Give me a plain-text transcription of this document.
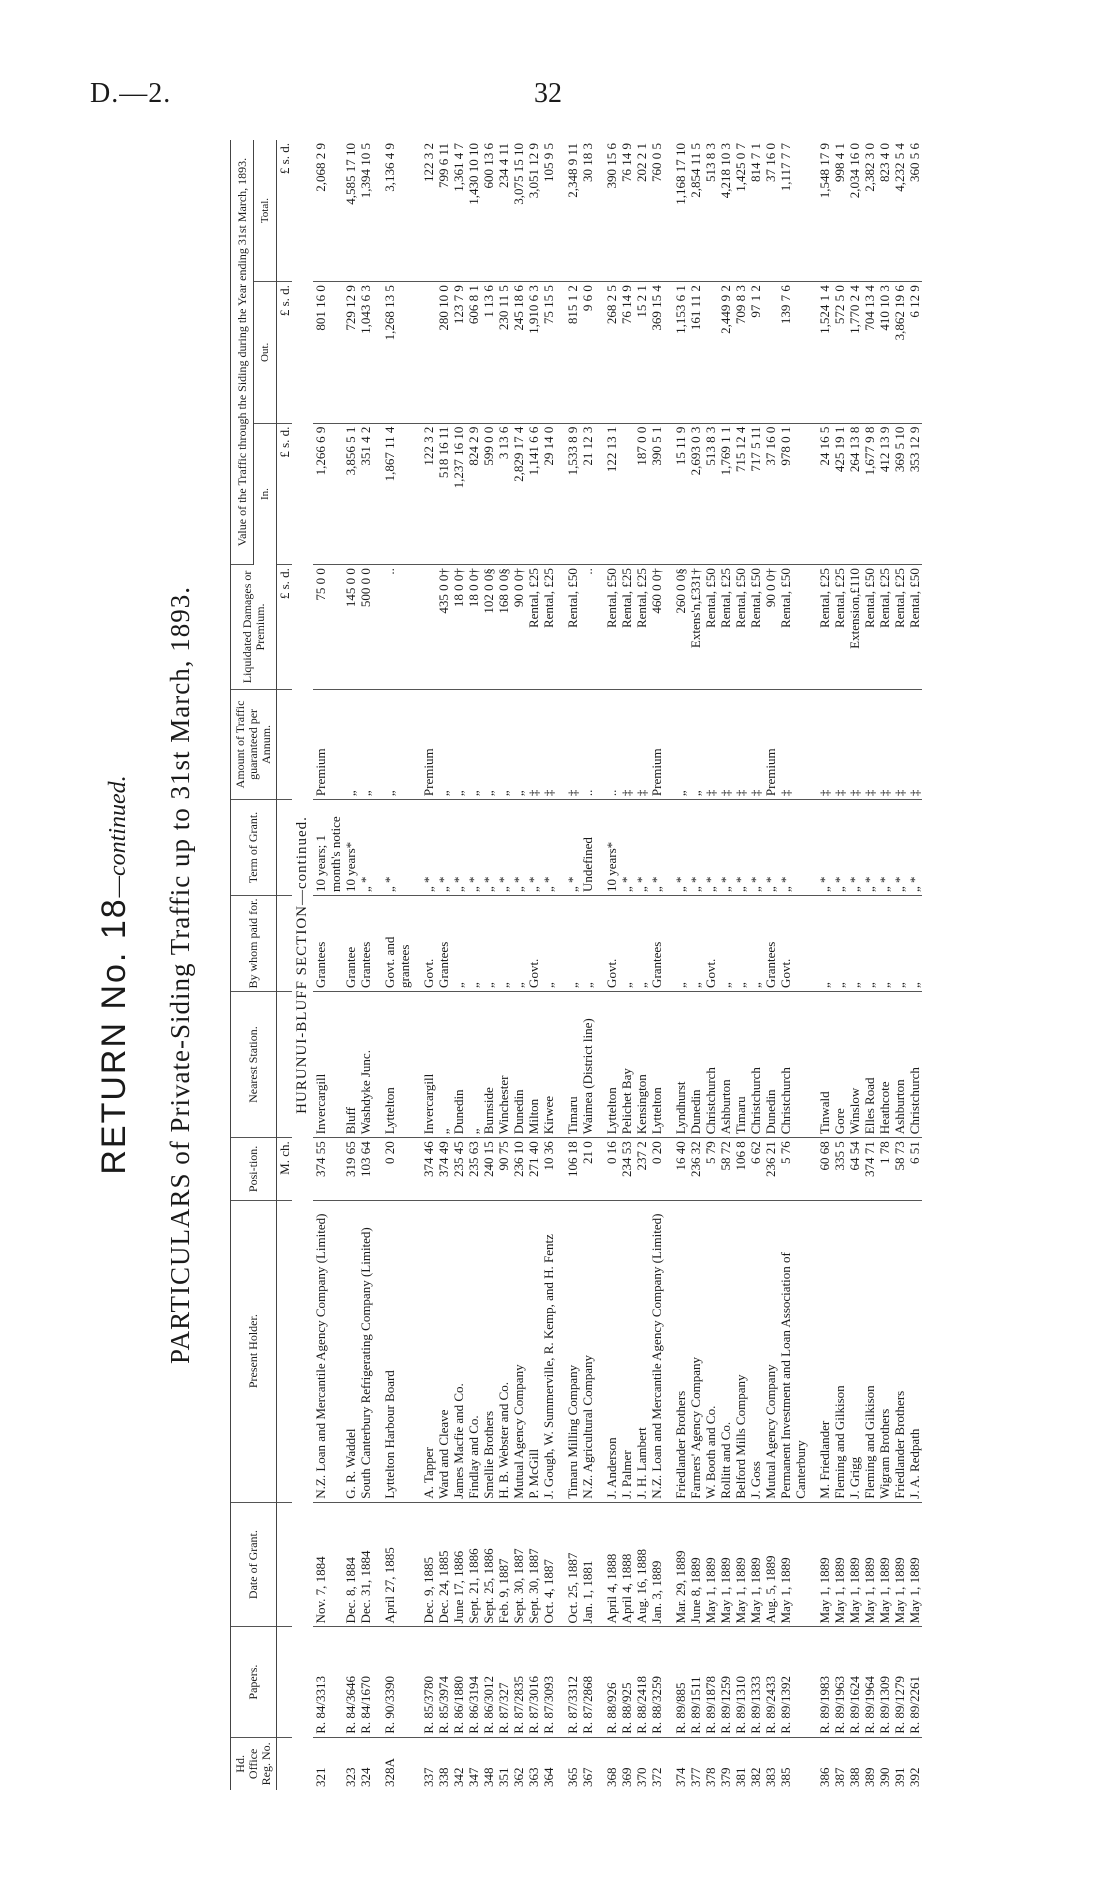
D.—2.	32
RETURN No. 18—continued. PARTICULARS of Private-Siding Traffic up to 31st March, 1893.
Hd. Office Reg. No.	Papers.	Date of Grant.	Present Holder.	Posi-tion.	Nearest Station.	By whom paid for.	Term of Grant.	Amount of Traffic guaranteed per Annum.	Liquidated Damages or Premium.	Value of the Traffic through the Siding during the Year ending 31st March, 1893.		
										In.	Out.	Total.
				M. ch.					£ s. d.	£ s. d.	£ s. d.	£ s. d.
HURUNUI-BLUFF SECTION—continued.												
321	R. 84/3313	Nov. 7, 1884	N.Z. Loan and Mercantile Agency Company (Limited)	374 55	Invercargill	Grantees	10 years; 1 month's notice	Premium	75 0 0	1,266 6 9	801 16 0	2,068 2 9
323	R. 84/3646	Dec. 8, 1884	G. R. Waddel	319 65	Bluff	Grantee	10 years*	„	145 0 0	3,856 5 1	729 12 9	4,585 17 10
324	R. 84/1670	Dec. 31, 1884	South Canterbury Refrigerating Company (Limited)	103 64	Washdyke Junc.	Grantees	„ *	„	500 0 0	351 4 2	1,043 6 3	1,394 10 5

328A	R. 90/3390	April 27, 1885	Lyttelton Harbour Board	0 20	Lyttelton	Govt. and grantees	„ *	„	..	1,867 11 4	1,268 13 5	3,136 4 9

337	R. 85/3780	Dec. 9, 1885	A. Tapper	374 46	Invercargill	Govt.	„ *	Premium		122 3 2		122 3 2
338	R. 85/3974	Dec. 24, 1885	Ward and Cleave	374 49	„	Grantees	„ *	„	435 0 0†	518 16 11	280 10 0	799 6 11
342	R. 86/1880	June 17, 1886	James Macfie and Co.	235 45	Dunedin	„	„ *	„	18 0 0†	1,237 16 10	123 7 9	1,361 4 7
347	R. 86/3194	Sept. 21, 1886	Findlay and Co.	235 63	„	„	„ *	„	18 0 0†	824 2 9	606 8 1	1,430 10 10
348	R. 86/3012	Sept. 25, 1886	Smellie Brothers	240 15	Burnside	„	„ *	„	102 0 0§	599 0 0	1 13 6	600 13 6
351	R. 87/327	Feb. 9, 1887	H. B. Webster and Co.	90 75	Winchester	„	„ *	„	168 0 0§	3 13 6	230 11 5	234 4 11
362	R. 87/2835	Sept. 30, 1887	Mutual Agency Company	236 10	Dunedin	„	„ *	„	90 0 0†	2,829 17 4	245 18 6	3,075 15 10
363	R. 87/3016	Sept. 30, 1887	P. McGill	271 40	Milton	Govt.	„ *	‡	Rental, £25	1,141 6 6	1,910 6 3	3,051 12 9
364	R. 87/3093	Oct. 4, 1887	J. Gough, W. Summerville, R. Kemp, and H. Fentz	10 36	Kirwee	„	„ *	‡	Rental, £25	29 14 0	75 15 5	105 9 5

365	R. 87/3312	Oct. 25, 1887	Timaru Milling Company	106 18	Timaru	„	„ *	‡	Rental, £50	1,533 8 9	815 1 2	2,348 9 11
367	R. 87/2868	Jan. 1, 1881	N.Z. Agricultural Company	21 0	Waimea (District line)	„	Undefined	..	..	21 12 3	9 6 0	30 18 3

368	R. 88/926	April 4, 1888	J. Anderson	0 16	Lyttelton	Govt.	10 years*	..	Rental, £50	122 13 1	268 2 5	390 15 6
369	R. 88/925	April 4, 1888	J. Palmer	234 53	Pelichet Bay	„	„ *	‡	Rental, £25		76 14 9	76 14 9
370	R. 88/2418	Aug. 16, 1888	J. H. Lambert	237 2	Kensington	„	„ *	‡	Rental, £25	187 0 0	15 2 1	202 2 1
372	R. 88/3259	Jan. 3, 1889	N.Z. Loan and Mercantile Agency Company (Limited)	0 20	Lyttelton	Grantees	„ *	Premium	460 0 0†	390 5 1	369 15 4	760 0 5

374	R. 89/885	Mar. 29, 1889	Friedlander Brothers	16 40	Lyndhurst	„	„ *	„	260 0 0§	15 11 9	1,153 6 1	1,168 17 10
377	R. 89/1511	June 8, 1889	Farmers' Agency Company	236 32	Dunedin	„	„ *	„	Extens'n,£331†	2,693 0 3	161 11 2	2,854 11 5
378	R. 89/1878	May 1, 1889	W. Booth and Co.	5 79	Christchurch	Govt.	„ *	‡	Rental, £50	513 8 3		513 8 3
379	R. 89/1259	May 1, 1889	Rollitt and Co.	58 72	Ashburton	„	„ *	‡	Rental, £25	1,769 1 1	2,449 9 2	4,218 10 3
381	R. 89/1310	May 1, 1889	Belford Mills Company	106 8	Timaru	„	„ *	‡	Rental, £50	715 12 4	709 8 3	1,425 0 7
382	R. 89/1333	May 1, 1889	J. Goss	6 62	Christchurch	„	„ *	‡	Rental, £50	717 5 11	97 1 2	814 7 1
383	R. 89/2433	Aug. 5, 1889	Mutual Agency Company	236 21	Dunedin	Grantees	„ *	Premium	90 0 0†	37 16 0		37 16 0
385	R. 89/1392	May 1, 1889	Permanent Investment and Loan Association of Canterbury	5 76	Christchurch	Govt.	„ *	‡	Rental, £50	978 0 1	139 7 6	1,117 7 7

386	R. 89/1983	May 1, 1889	M. Friedlander	60 68	Tinwald	„	„ *	‡	Rental, £25	24 16 5	1,524 1 4	1,548 17 9
387	R. 89/1963	May 1, 1889	Fleming and Gilkison	335 5	Gore	„	„ *	‡	Rental, £25	425 19 1	572 5 0	998 4 1
388	R. 89/1624	May 1, 1889	J. Grigg	64 54	Winslow	„	„ *	‡	Extension,£110	264 13 8	1,770 2 4	2,034 16 0
389	R. 89/1964	May 1, 1889	Fleming and Gilkison	374 71	Elles Road	„	„ *	‡	Rental, £50	1,677 9 8	704 13 4	2,382 3 0
390	R. 89/1309	May 1, 1889	Wigram Brothers	1 78	Heathcote	„	„ *	‡	Rental, £25	412 13 9	410 10 3	823 4 0
391	R. 89/1279	May 1, 1889	Friedlander Brothers	58 73	Ashburton	„	„ *	‡	Rental, £25	369 5 10	3,862 19 6	4,232 5 4
392	R. 89/2261	May 1, 1889	J. A. Redpath	6 51	Christchurch	„	„ *	‡	Rental, £50	353 12 9	6 12 9	360 5 6
